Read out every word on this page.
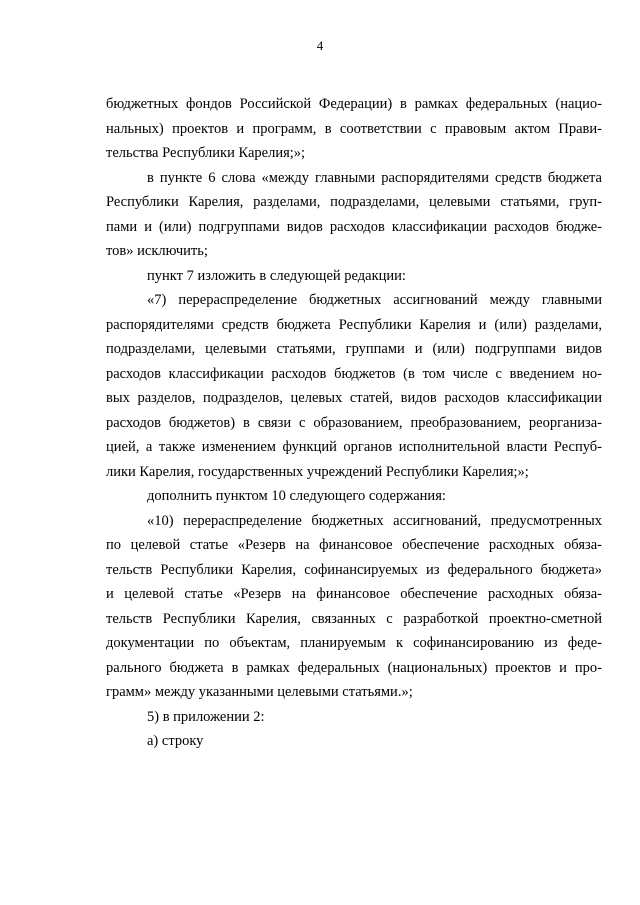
4

бюджетных фондов Российской Федерации) в рамках федеральных (нацио-
нальных) проектов и программ, в соответствии с правовым актом Прави-
тельства Республики Карелия;»;

в пункте 6 слова «между главными распорядителями средств бюджета
Республики Карелия, разделами, подразделами, целевыми статьями, груп-
пами и (или) подгруппами видов расходов классификации расходов бюдже-
тов» исключить;

пункт 7 изложить в следующей редакции:

«7) перераспределение бюджетных ассигнований между главными
распорядителями средств бюджета Республики Карелия и (или) разделами,
подразделами, целевыми статьями, группами и (или) подгруппами видов
расходов классификации расходов бюджетов (в том числе с введением но-
вых разделов, подразделов, целевых статей, видов расходов классификации
расходов бюджетов) в связи с образованием, преобразованием, реорганиза-
цией, а также изменением функций органов исполнительной власти Респуб-
лики Карелия, государственных учреждений Республики Карелия;»;

дополнить пунктом 10 следующего содержания:

«10) перераспределение бюджетных ассигнований, предусмотренных
по целевой статье «Резерв на финансовое обеспечение расходных обяза-
тельств Республики Карелия, софинансируемых из федерального бюджета»
и целевой статье «Резерв на финансовое обеспечение расходных обяза-
тельств Республики Карелия, связанных с разработкой проектно-сметной
документации по объектам, планируемым к софинансированию из феде-
рального бюджета в рамках федеральных (национальных) проектов и про-
грамм» между указанными целевыми статьями.»;

5) в приложении 2:

а) строку
